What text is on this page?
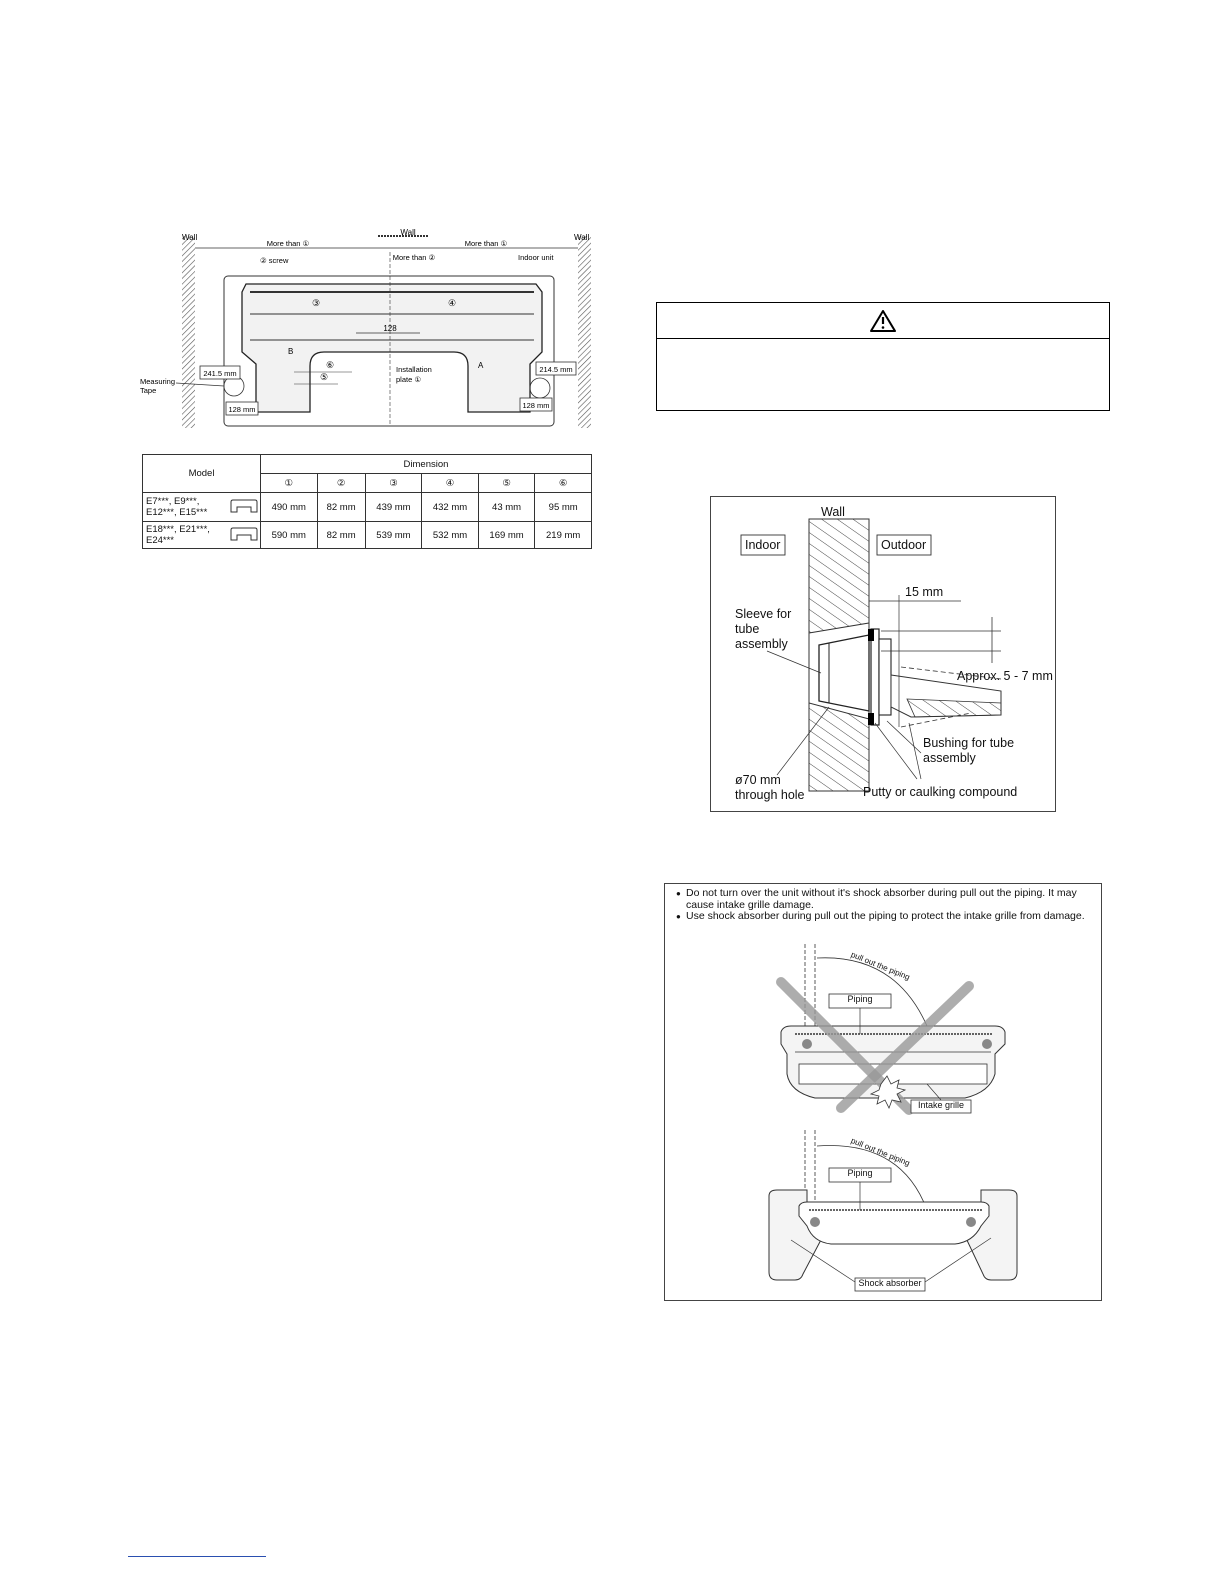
Wall
Wall
Wall
More than ①	More than ①
② screw	More than ②	Indoor unit
128
③	④
⑥
⑤
B
A
Installation
plate ①
241.5 mm	214.5 mm
128 mm	128 mm
Measuring
Tape
Model		Dimension					
		①	②	③	④	⑤	⑥
E7***, E9***, E12***, E15***		490 mm	82 mm	439 mm	432 mm	43 mm	95 mm
E18***, E21***, E24***		590 mm	82 mm	539 mm	532 mm	169 mm	219 mm
Wall
Indoor	Outdoor
15 mm
Sleeve for tube assembly
Approx. 5 - 7 mm
Bushing for tube assembly
ø70 mm through hole	Putty or caulking compound
pull out the piping
Piping
Intake grille
pull out the piping
Piping
Shock absorber
● Do not turn over the unit without it's shock absorber during pull out the piping. It may cause intake grille damage.
● Use shock absorber during pull out the piping to protect the intake grille from damage.
